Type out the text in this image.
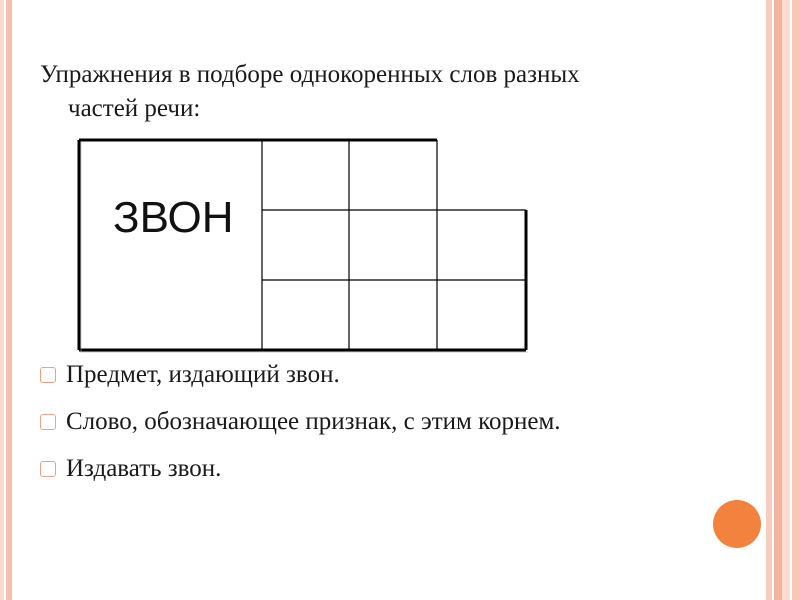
Упражнения в подборе однокоренных слов разных
частей речи:
ЗВОН
Предмет, издающий звон.
Слово, обозначающее признак, с этим корнем.
Издавать звон.
